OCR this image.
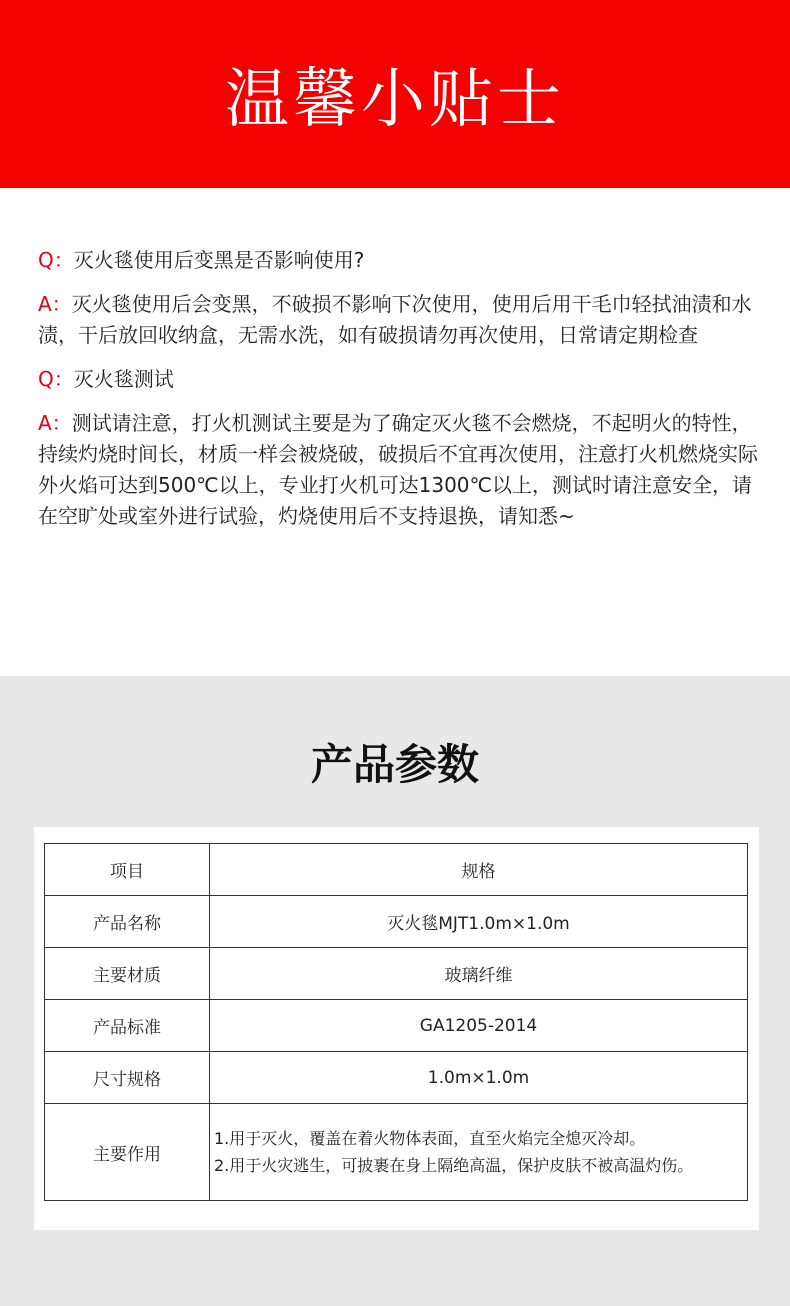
温馨小贴士

Q：灭火毯使用后变黑是否影响使用?

A：灭火毯使用后会变黑，不破损不影响下次使用，使用后用干毛巾轻拭油渍和水渍，干后放回收纳盒，无需水洗，如有破损请勿再次使用，日常请定期检查

Q：灭火毯测试

A：测试请注意，打火机测试主要是为了确定灭火毯不会燃烧，不起明火的特性，持续灼烧时间长，材质一样会被烧破，破损后不宜再次使用，注意打火机燃烧实际外火焰可达到500℃以上，专业打火机可达1300℃以上，测试时请注意安全，请在空旷处或室外进行试验，灼烧使用后不支持退换，请知悉~

产品参数
项目	规格
产品名称	灭火毯MJT1.0m×1.0m
主要材质	玻璃纤维
产品标准	GA1205-2014
尺寸规格	1.0m×1.0m
主要作用	1.用于灭火，覆盖在着火物体表面，直至火焰完全熄灭冷却。
2.用于火灾逃生，可披裹在身上隔绝高温，保护皮肤不被高温灼伤。
